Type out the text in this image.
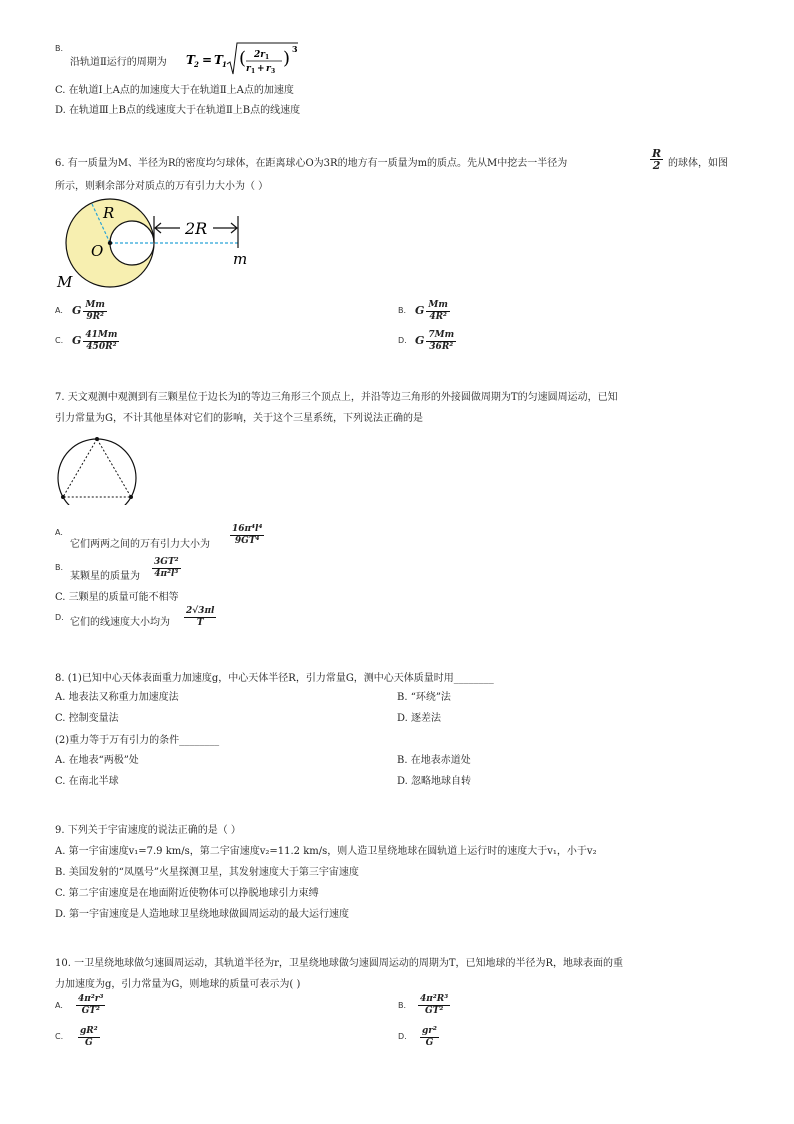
B.
沿轨道Ⅱ运行的周期为 T 2 = T 1 ( 2r 1
r 1 + r 3
) 3
C. 在轨道Ⅰ上A点的加速度大于在轨道Ⅱ上A点的加速度
D. 在轨道Ⅲ上B点的线速度大于在轨道Ⅱ上B点的线速度
6. 有一质量为M、半径为R的密度均匀球体，在距离球心O为3R的地方有一质量为m的质点。先从M中挖去一半径为	$\frac{R}{2}$ 的球体，如图
所示，则剩余部分对质点的万有引力大小为（ ）
2R
R
O
M
m
A. G $\frac{Mm}{\text{9R²}}$	B. G $\frac{Mm}{\text{4R²}}$
C. G $\frac{41Mm}{\text{450R²}}$	D. G $\frac{7Mm}{\text{36R²}}$
7. 天文观测中观测到有三颗星位于边长为l的等边三角形三个顶点上，并沿等边三角形的外接圆做周期为T的匀速圆周运动，已知
引力常量为G，不计其他星体对它们的影响，关于这个三星系统，下列说法正确的是
A.
它们两两之间的万有引力大小为 $\frac{\text{16π⁴l⁴}}{\text{9GT⁴}}$
B.
某颗星的质量为 $\frac{\text{3GT²}}{\text{4π²l³}}$
C. 三颗星的质量可能不相等
D. 它们的线速度大小均为 $\frac{2√3\pi l}{T}$
8. (1)已知中心天体表面重力加速度g，中心天体半径R，引力常量G，测中心天体质量时用________
A. 地表法又称重力加速度法	B. “环绕”法
C. 控制变量法	D. 逐差法
(2)重力等于万有引力的条件________
A. 在地表“两极”处	B. 在地表赤道处
C. 在南北半球	D. 忽略地球自转
9. 下列关于宇宙速度的说法正确的是（ ）
A. 第一宇宙速度v₁=7.9 km/s，第二宇宙速度v₂=11.2 km/s，则人造卫星绕地球在圆轨道上运行时的速度大于v₁，小于v₂
B. 美国发射的“凤凰号”火星探测卫星，其发射速度大于第三宇宙速度
C. 第二宇宙速度是在地面附近使物体可以挣脱地球引力束缚
D. 第一宇宙速度是人造地球卫星绕地球做圆周运动的最大运行速度
10. 一卫星绕地球做匀速圆周运动，其轨道半径为r，卫星绕地球做匀速圆周运动的周期为T，已知地球的半径为R，地球表面的重
力加速度为g，引力常量为G，则地球的质量可表示为( )
A. $\frac{\text{4π²r³}}{\text{GT²}}$	B. $\frac{\text{4π²R³}}{\text{GT²}}$
C. $\frac{\text{gR²}}{G}$	D. $\frac{\text{gr²}}{G}$
